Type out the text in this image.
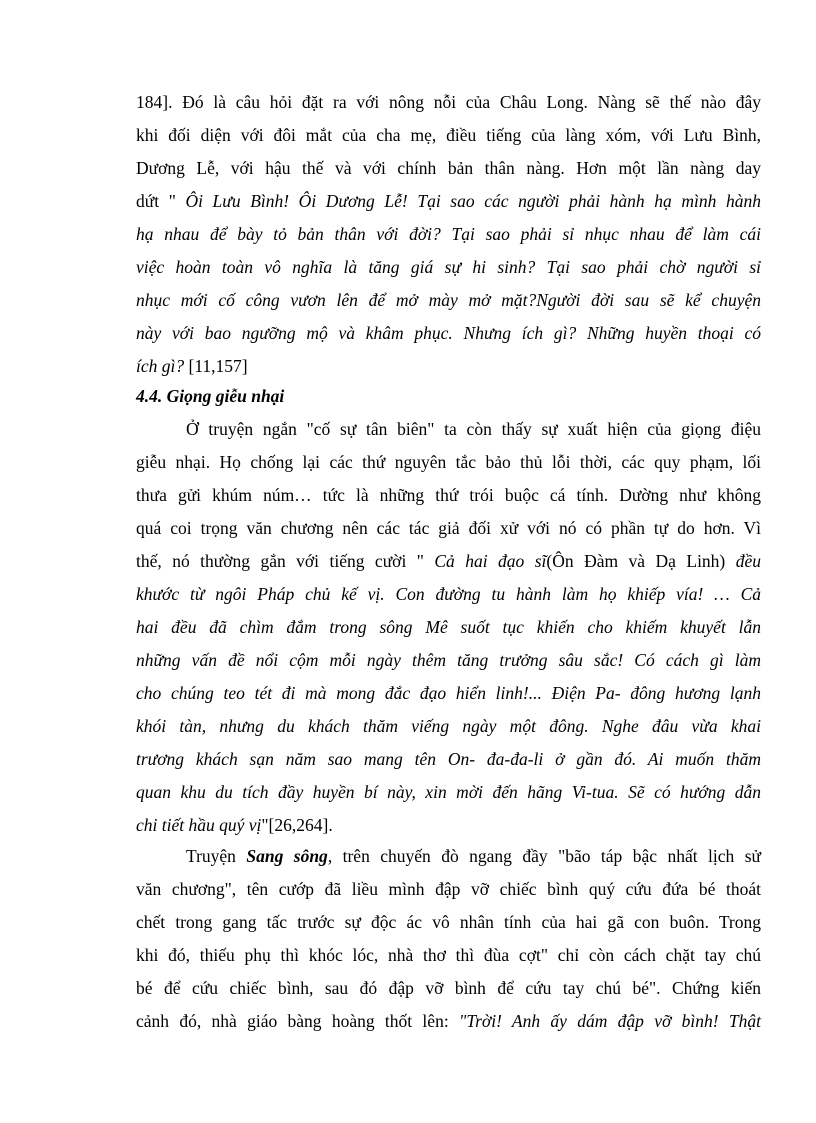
184]. Đó là câu hỏi đặt ra với nông nỗi của Châu Long. Nàng sẽ thế nào đây
khi đối diện với đôi mắt của cha mẹ, điều tiếng của làng xóm, với Lưu Bình,
Dương Lễ, với hậu thế và với chính bản thân nàng. Hơn một lần nàng day
dứt " Ôi Lưu Bình! Ôi Dương Lễ! Tại sao các người phải hành hạ mình hành
hạ nhau để bày tỏ bản thân với đời? Tại sao phải sỉ nhục nhau để làm cái
việc hoàn toàn vô nghĩa là tăng giá sự hi sinh? Tại sao phải chờ người sỉ
nhục mới cố công vươn lên để mở mày mở mặt?Người đời sau sẽ kể chuyện
này với bao ngưỡng mộ và khâm phục. Nhưng ích gì? Những huyền thoại có
ích gì? [11,157]
4.4. Giọng giễu nhại
Ở truyện ngắn "cố sự tân biên" ta còn thấy sự xuất hiện của giọng điệu
giễu nhại. Họ chống lại các thứ nguyên tắc bảo thủ lỗi thời, các quy phạm, lối
thưa gửi khúm núm… tức là những thứ trói buộc cá tính. Dường như không
quá coi trọng văn chương nên các tác giả đối xử với nó có phần tự do hơn. Vì
thế, nó thường gắn với tiếng cười " Cả hai đạo sĩ(Ôn Đàm và Dạ Linh) đều
khước từ ngôi Pháp chủ kế vị. Con đường tu hành làm họ khiếp vía! … Cả
hai đều đã chìm đắm trong sông Mê suốt tục khiến cho khiếm khuyết lẫn
những vấn đề nổi cộm mỗi ngày thêm tăng trưởng sâu sắc! Có cách gì làm
cho chúng teo tét đi mà mong đắc đạo hiển linh!... Điện Pa- đông hương lạnh
khói tàn, nhưng du khách thăm viếng ngày một đông. Nghe đâu vừa khai
trương khách sạn năm sao mang tên On- đa-đa-li ở gần đó. Ai muốn thăm
quan khu du tích đầy huyền bí này, xin mời đến hãng Vi-tua. Sẽ có hướng dẫn
chi tiết hầu quý vị"[26,264].
Truyện Sang sông, trên chuyến đò ngang đầy "bão táp bậc nhất lịch sử
văn chương", tên cướp đã liều mình đập vỡ chiếc bình quý cứu đứa bé thoát
chết trong gang tấc trước sự độc ác vô nhân tính của hai gã con buôn. Trong
khi đó, thiếu phụ thì khóc lóc, nhà thơ thì đùa cợt" chỉ còn cách chặt tay chú
bé để cứu chiếc bình, sau đó đập vỡ bình để cứu tay chú bé". Chứng kiến
cảnh đó, nhà giáo bàng hoàng thốt lên: "Trời! Anh ấy dám đập vỡ bình! Thật
